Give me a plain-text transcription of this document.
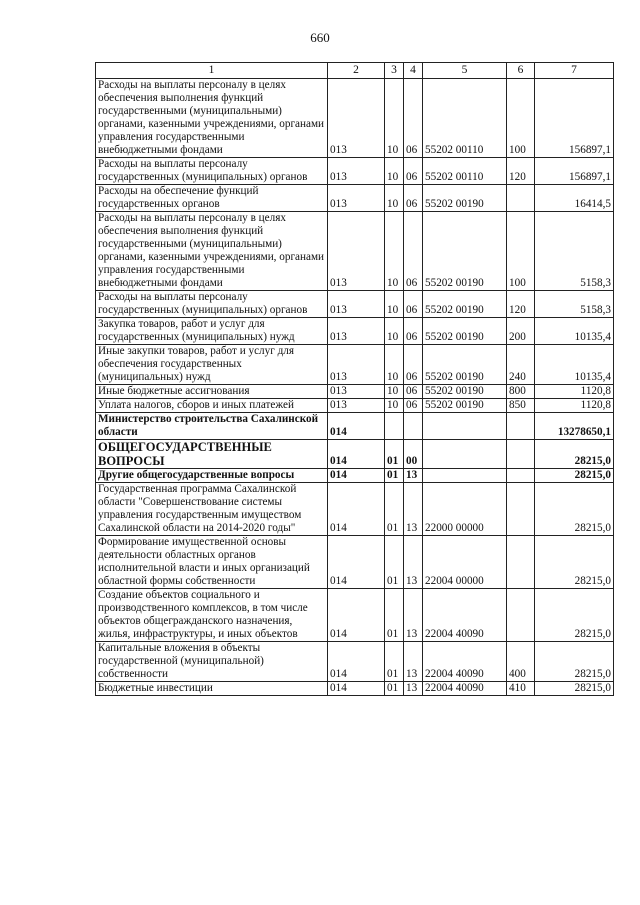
660
1	2	3	4	5	6	7
Расходы на выплаты персоналу в целях обеспечения выполнения функций государственными (муниципальными) органами, казенными учреждениями, органами управления государственными внебюджетными фондами	013	10	06	55202 00110	100	156897,1
Расходы на выплаты персоналу государственных (муниципальных) органов	013	10	06	55202 00110	120	156897,1
Расходы на обеспечение функций государственных органов	013	10	06	55202 00190		16414,5
Расходы на выплаты персоналу в целях обеспечения выполнения функций государственными (муниципальными) органами, казенными учреждениями, органами управления государственными внебюджетными фондами	013	10	06	55202 00190	100	5158,3
Расходы на выплаты персоналу государственных (муниципальных) органов	013	10	06	55202 00190	120	5158,3
Закупка товаров, работ и услуг для государственных (муниципальных) нужд	013	10	06	55202 00190	200	10135,4
Иные закупки товаров, работ и услуг для обеспечения государственных (муниципальных) нужд	013	10	06	55202 00190	240	10135,4
Иные бюджетные ассигнования	013	10	06	55202 00190	800	1120,8
Уплата налогов, сборов и иных платежей	013	10	06	55202 00190	850	1120,8
Министерство строительства Сахалинской области	014					13278650,1
ОБЩЕГОСУДАРСТВЕННЫЕ ВОПРОСЫ	014	01	00			28215,0
Другие общегосударственные вопросы	014	01	13			28215,0
Государственная программа Сахалинской области "Совершенствование системы управления государственным имуществом Сахалинской области на 2014-2020 годы"	014	01	13	22000 00000		28215,0
Формирование имущественной основы деятельности областных органов исполнительной власти и иных организаций областной формы собственности	014	01	13	22004 00000		28215,0
Создание объектов социального и производственного комплексов, в том числе объектов общегражданского назначения, жилья, инфраструктуры, и иных объектов	014	01	13	22004 40090		28215,0
Капитальные вложения в объекты государственной (муниципальной) собственности	014	01	13	22004 40090	400	28215,0
Бюджетные инвестиции	014	01	13	22004 40090	410	28215,0
